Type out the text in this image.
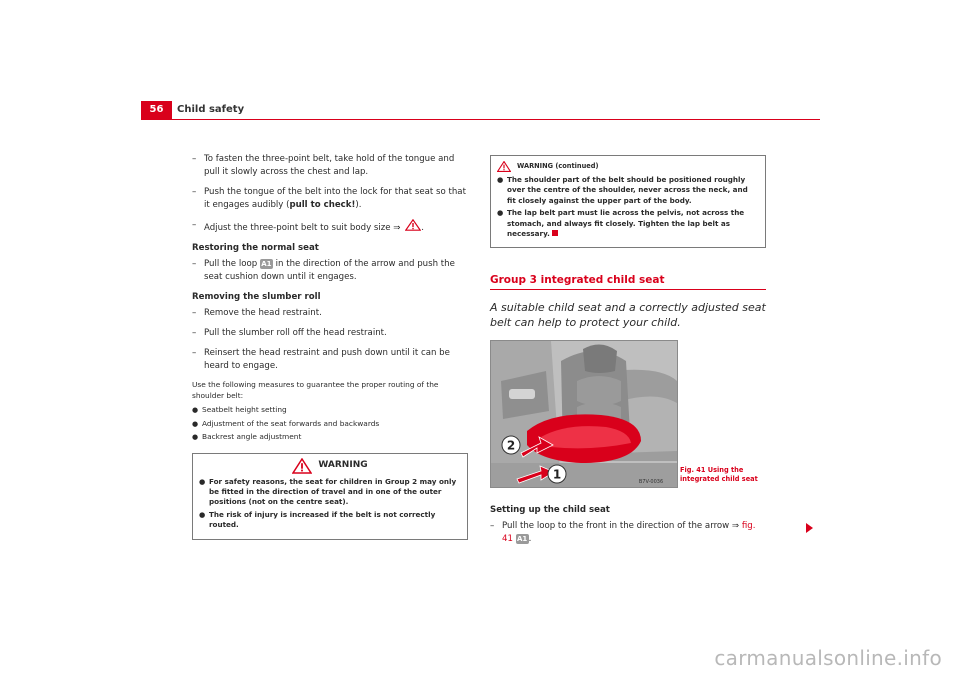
56	Child safety
– To fasten the three-point belt, take hold of the tongue and pull it slowly across the chest and lap.
– Push the tongue of the belt into the lock for that seat so that it engages audibly (pull to check!).
– Adjust the three-point belt to suit body size ⇒ .
Restoring the normal seat
– Pull the loop A1 in the direction of the arrow and push the seat cushion down until it engages.
Removing the slumber roll
– Remove the head restraint.
– Pull the slumber roll off the head restraint.
– Reinsert the head restraint and push down until it can be heard to engage.
Use the following measures to guarantee the proper routing of the shoulder belt:
● Seatbelt height setting
● Adjustment of the seat forwards and backwards
● Backrest angle adjustment
WARNING
● For safety reasons, the seat for children in Group 2 may only be fitted in the direction of travel and in one of the outer positions (not on the centre seat).
● The risk of injury is increased if the belt is not correctly routed.
WARNING (continued)
● The shoulder part of the belt should be positioned roughly over the centre of the shoulder, never across the neck, and fit closely against the upper part of the body.
● The lap belt part must lie across the pelvis, not across the stomach, and always fit closely. Tighten the lap belt as necessary.
Group 3 integrated child seat
A suitable child seat and a correctly adjusted seat belt can help to protect your child.
2
1
B7V-0036
Fig. 41 Using the integrated child seat
Setting up the child seat
– Pull the loop to the front in the direction of the arrow ⇒ fig. 41 A1.
carmanualsonline.info
